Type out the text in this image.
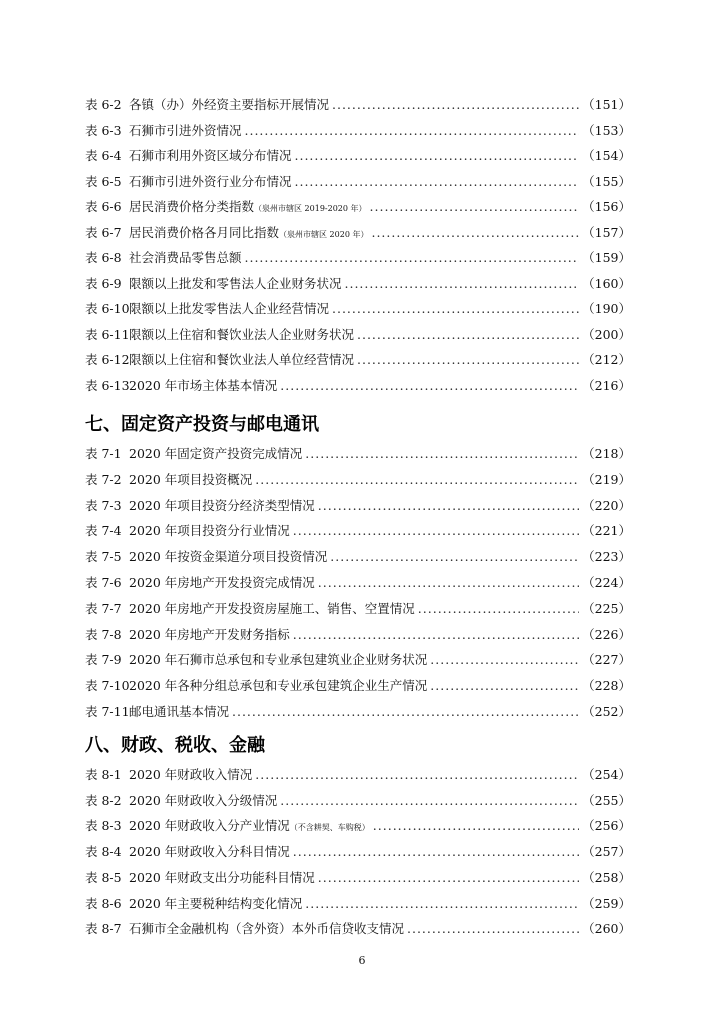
表 6-2 各镇（办）外经资主要指标开展情况 .....	（151）
表 6-3 石狮市引进外资情况 .....	（153）
表 6-4 石狮市利用外资区域分布情况 .....	（154）
表 6-5 石狮市引进外资行业分布情况 .....	（155）
表 6-6 居民消费价格分类指数 （泉州市辖区 2019-2020 年） .....	（156）
表 6-7 居民消费价格各月同比指数 （泉州市辖区 2020 年） .....	（157）
表 6-8 社会消费品零售总额 .....	（159）
表 6-9 限额以上批发和零售法人企业财务状况 .....	（160）
表 6-10 限额以上批发零售法人企业经营情况 .....	（190）
表 6-11 限额以上住宿和餐饮业法人企业财务状况 .....	（200）
表 6-12 限额以上住宿和餐饮业法人单位经营情况 .....	（212）
表 6-13 2020 年市场主体基本情况 .....	（216）
七、固定资产投资与邮电通讯
表 7-1 2020 年固定资产投资完成情况 .....	（218）
表 7-2 2020 年项目投资概况 .....	（219）
表 7-3 2020 年项目投资分经济类型情况 .....	（220）
表 7-4 2020 年项目投资分行业情况 .....	（221）
表 7-5 2020 年按资金渠道分项目投资情况 .....	（223）
表 7-6 2020 年房地产开发投资完成情况 .....	（224）
表 7-7 2020 年房地产开发投资房屋施工、销售、空置情况 .....	（225）
表 7-8 2020 年房地产开发财务指标 .....	（226）
表 7-9 2020 年石狮市总承包和专业承包建筑业企业财务状况 .....	（227）
表 7-10 2020 年各种分组总承包和专业承包建筑企业生产情况 .....	（228）
表 7-11 邮电通讯基本情况 .....	（252）
八、财政、税收、金融
表 8-1 2020 年财政收入情况 .....	（254）
表 8-2 2020 年财政收入分级情况 .....	（255）
表 8-3 2020 年财政收入分产业情况 （不含耕契、车购税） .....	（256）
表 8-4 2020 年财政收入分科目情况 .....	（257）
表 8-5 2020 年财政支出分功能科目情况 .....	（258）
表 8-6 2020 年主要税种结构变化情况 .....	（259）
表 8-7 石狮市全金融机构（含外资）本外币信贷收支情况 .....	（260）
6
